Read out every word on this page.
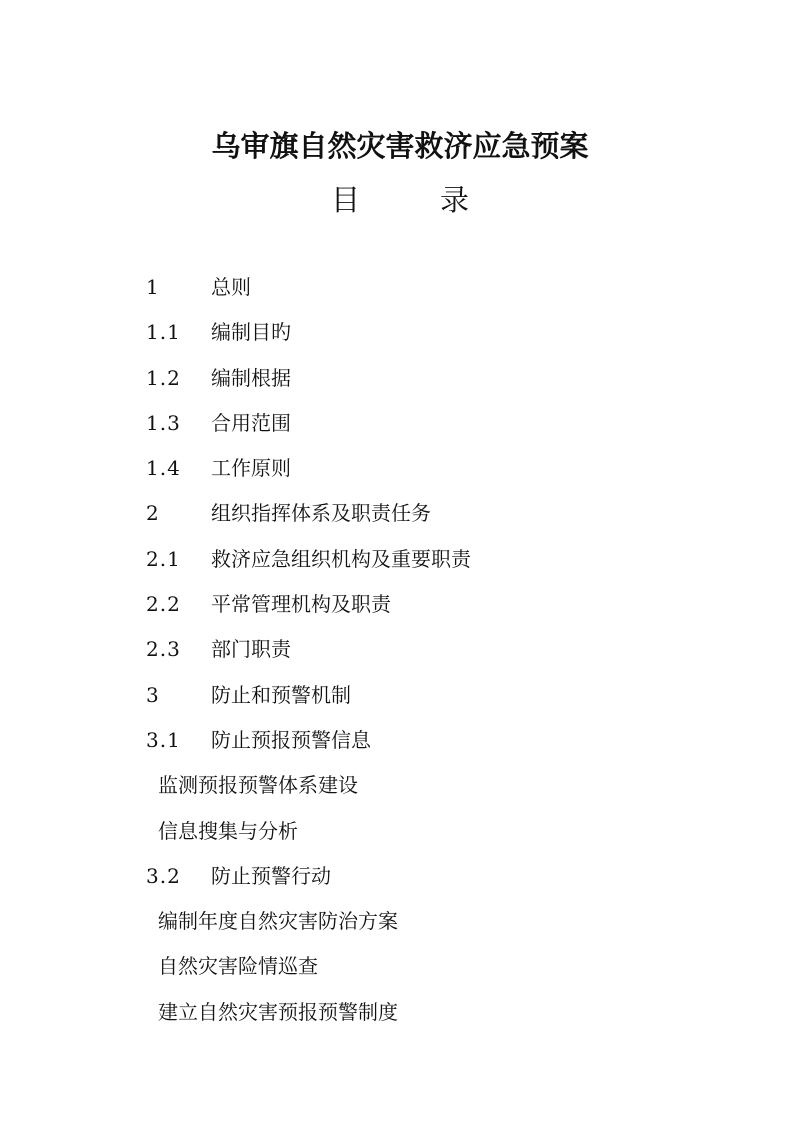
乌审旗自然灾害救济应急预案
目	录
1	总则
1.1 编制目旳
1.2 编制根据
1.3 合用范围
1.4 工作原则
2	组织指挥体系及职责任务
2.1 救济应急组织机构及重要职责
2.2 平常管理机构及职责
2.3 部门职责
3	防止和预警机制
3.1 防止预报预警信息
监测预报预警体系建设
信息搜集与分析
3.2 防止预警行动
编制年度自然灾害防治方案
自然灾害险情巡查
建立自然灾害预报预警制度
